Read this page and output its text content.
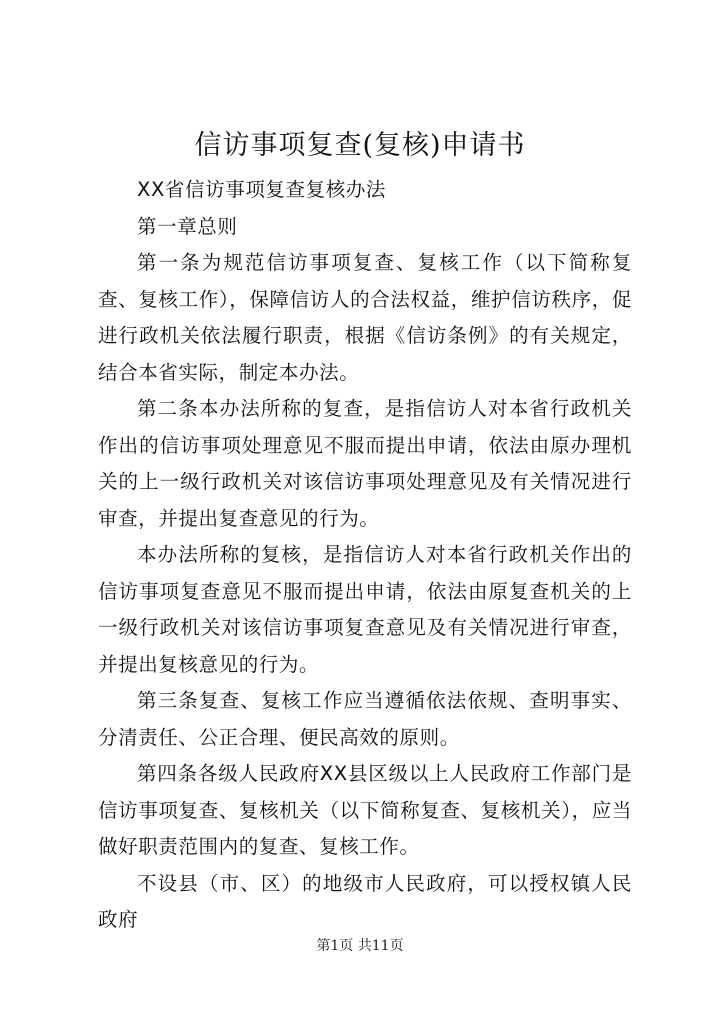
信访事项复查(复核)申请书

XX省信访事项复查复核办法

第一章总则

第一条为规范信访事项复查、复核工作（以下简称复查、复核工作），保障信访人的合法权益，维护信访秩序，促进行政机关依法履行职责，根据《信访条例》的有关规定，结合本省实际，制定本办法。

第二条本办法所称的复查，是指信访人对本省行政机关作出的信访事项处理意见不服而提出申请，依法由原办理机关的上一级行政机关对该信访事项处理意见及有关情况进行审查，并提出复查意见的行为。

本办法所称的复核，是指信访人对本省行政机关作出的信访事项复查意见不服而提出申请，依法由原复查机关的上一级行政机关对该信访事项复查意见及有关情况进行审查，并提出复核意见的行为。

第三条复查、复核工作应当遵循依法依规、查明事实、分清责任、公正合理、便民高效的原则。

第四条各级人民政府XX县区级以上人民政府工作部门是信访事项复查、复核机关（以下简称复查、复核机关），应当做好职责范围内的复查、复核工作。

不设县（市、区）的地级市人民政府，可以授权镇人民政府

第1页 共11页
